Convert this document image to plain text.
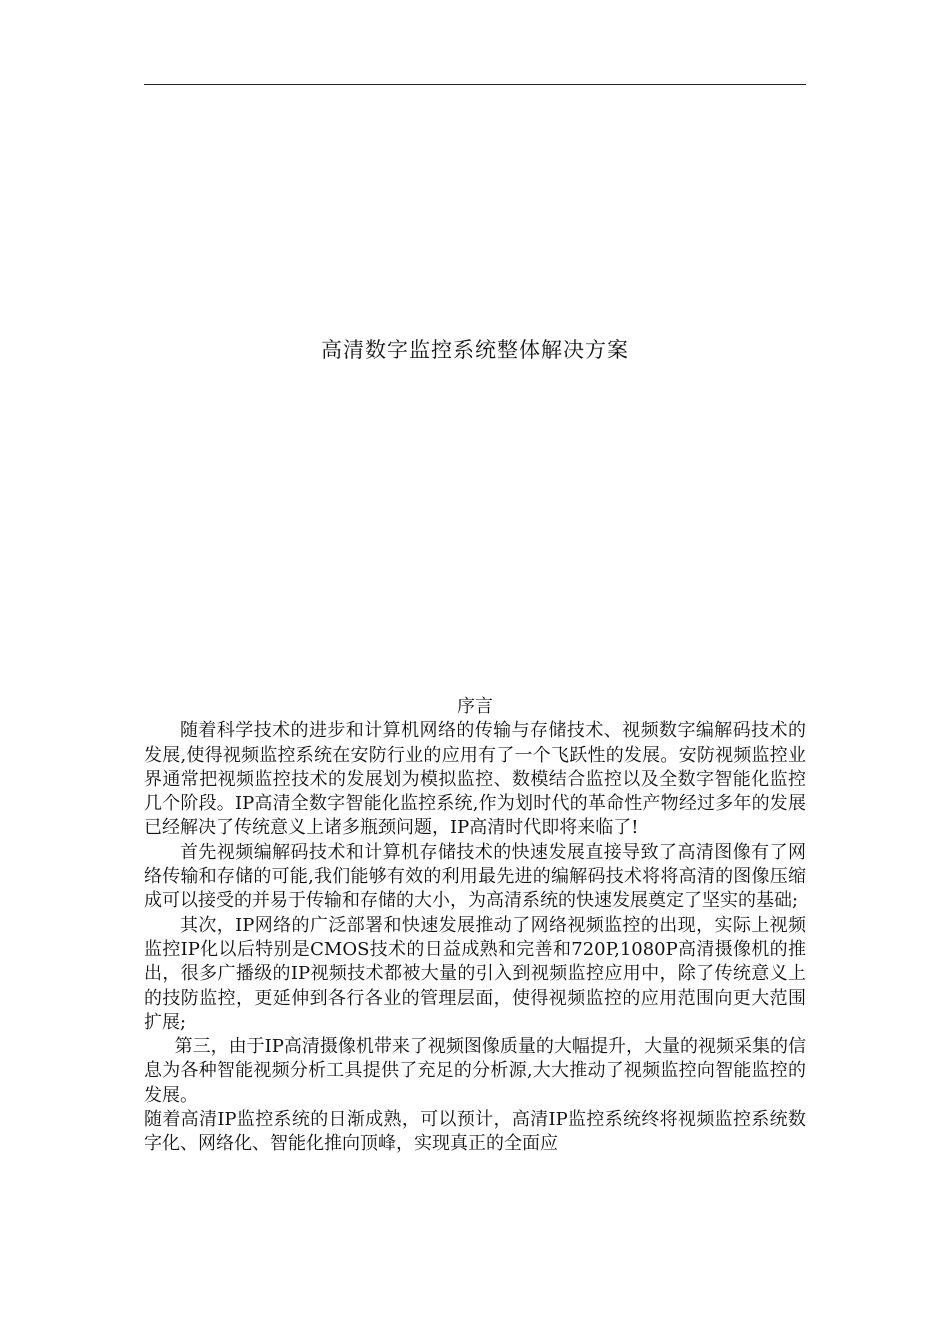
高清数字监控系统整体解决方案
序言

随着科学技术的进步和计算机网络的传输与存储技术、视频数字编解码技术的发展,使得视频监控系统在安防行业的应用有了一个飞跃性的发展。安防视频监控业界通常把视频监控技术的发展划为模拟监控、数模结合监控以及全数字智能化监控几个阶段。IP高清全数字智能化监控系统,作为划时代的革命性产物经过多年的发展已经解决了传统意义上诸多瓶颈问题，IP高清时代即将来临了!

首先视频编解码技术和计算机存储技术的快速发展直接导致了高清图像有了网络传输和存储的可能,我们能够有效的利用最先进的编解码技术将将高清的图像压缩成可以接受的并易于传输和存储的大小，为高清系统的快速发展奠定了坚实的基础;

其次，IP网络的广泛部署和快速发展推动了网络视频监控的出现，实际上视频监控IP化以后特别是CMOS技术的日益成熟和完善和720P,1080P高清摄像机的推出，很多广播级的IP视频技术都被大量的引入到视频监控应用中，除了传统意义上的技防监控，更延伸到各行各业的管理层面，使得视频监控的应用范围向更大范围扩展;

第三，由于IP高清摄像机带来了视频图像质量的大幅提升，大量的视频采集的信息为各种智能视频分析工具提供了充足的分析源,大大推动了视频监控向智能监控的发展。

随着高清IP监控系统的日渐成熟，可以预计，高清IP监控系统终将视频监控系统数字化、网络化、智能化推向顶峰，实现真正的全面应
